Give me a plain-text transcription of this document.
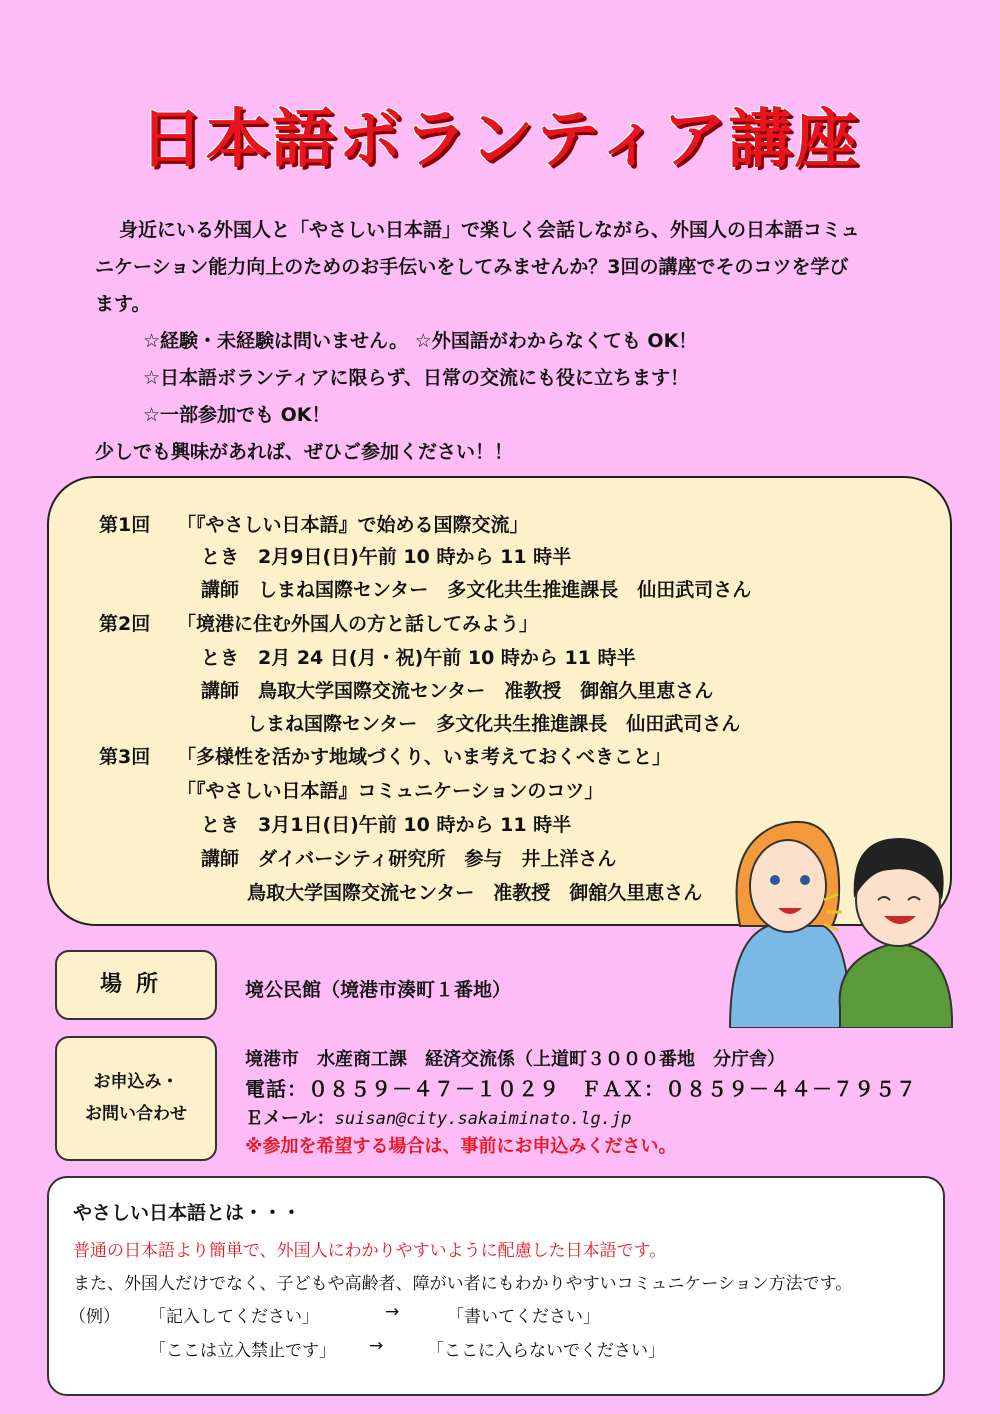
日本語ボランティア講座

身近にいる外国人と「やさしい日本語」で楽しく会話しながら、外国人の日本語コミュ

ニケーション能力向上のためのお手伝いをしてみませんか？3回の講座でそのコツを学び

ます。

☆経験・未経験は問いません。 ☆外国語がわからなくても OK！

☆日本語ボランティアに限らず、日常の交流にも役に立ちます！

☆一部参加でも OK！

少しでも興味があれば、ぜひご参加ください！！

第1回 「『やさしい日本語』で始める国際交流」
とき　2月9日(日)午前 10 時から 11 時半
講師　しまね国際センター　多文化共生推進課長　仙田武司さん
第2回 「境港に住む外国人の方と話してみよう」
とき　2月 24 日(月・祝)午前 10 時から 11 時半
講師　鳥取大学国際交流センター　准教授　御舘久里恵さん
しまね国際センター　多文化共生推進課長　仙田武司さん
第3回 「多様性を活かす地域づくり、いま考えておくべきこと」
「『やさしい日本語』コミュニケーションのコツ」
とき　3月1日(日)午前 10 時から 11 時半
講師　ダイバーシティ研究所　参与　井上洋さん
鳥取大学国際交流センター　准教授　御舘久里恵さん
場所	境公民館（境港市湊町１番地）
お申込み・
お問い合わせ
境港市　水産商工課　経済交流係（上道町３０００番地　分庁舎）
電話：０８５９－４７－１０２９　ＦＡＸ：０８５９－４４－７９５７
Ｅメール：suisan@city.sakaiminato.lg.jp
※参加を希望する場合は、事前にお申込みください。
やさしい日本語とは・・・
普通の日本語より簡単で、外国人にわかりやすいように配慮した日本語です。
また、外国人だけでなく、子どもや高齢者、障がい者にもわかりやすいコミュニケーション方法です。
（例） 「記入してください」	→	「書いてください」
「ここは立入禁止です」 →	「ここに入らないでください」
